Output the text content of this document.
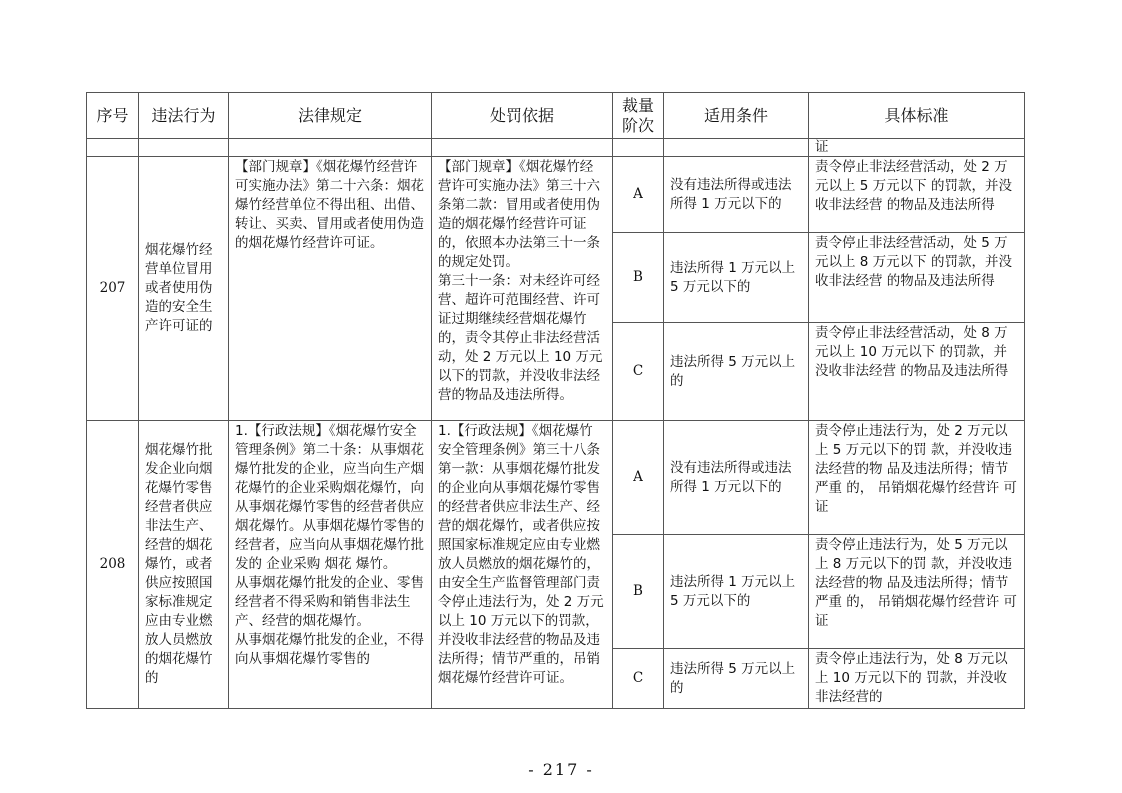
序号	违法行为	法律规定	处罚依据	裁量
阶次	适用条件	具体标准
						证
207	烟花爆竹经营单位冒用或者使用伪造的安全生产许可证的	【部门规章】《烟花爆竹经营许可实施办法》第二十六条：烟花爆竹经营单位不得出租、出借、转让、买卖、冒用或者使用伪造的烟花爆竹经营许可证。	【部门规章】《烟花爆竹经营许可实施办法》第三十六条第二款：冒用或者使用伪造的烟花爆竹经营许可证的，依照本办法第三十一条的规定处罚。
第三十一条：对未经许可经营、超许可范围经营、许可证过期继续经营烟花爆竹的，责令其停止非法经营活动，处 2 万元以上 10 万元以下的罚款，并没收非法经营的物品及违法所得。	A	没有违法所得或违法所得 1 万元以下的	责令停止非法经营活动，处 2 万元以上 5 万元以下 的罚款，并没收非法经营 的物品及违法所得
				B	违法所得 1 万元以上 5 万元以下的	责令停止非法经营活动，处 5 万元以上 8 万元以下 的罚款，并没收非法经营 的物品及违法所得
				C	违法所得 5 万元以上的	责令停止非法经营活动，处 8 万元以上 10 万元以下 的罚款，并没收非法经营 的物品及违法所得
208	烟花爆竹批发企业向烟花爆竹零售经营者供应非法生产、经营的烟花爆竹，或者供应按照国家标准规定应由专业燃放人员燃放的烟花爆竹的	1.【行政法规】《烟花爆竹安全管理条例》第二十条：从事烟花爆竹批发的企业，应当向生产烟花爆竹的企业采购烟花爆竹，向从事烟花爆竹零售的经营者供应烟花爆竹。从事烟花爆竹零售的经营者，应当向从事烟花爆竹批发的 企业采购 烟花 爆竹。
从事烟花爆竹批发的企业、零售经营者不得采购和销售非法生产、经营的烟花爆竹。
从事烟花爆竹批发的企业，不得向从事烟花爆竹零售的	1.【行政法规】《烟花爆竹安全管理条例》第三十八条第一款：从事烟花爆竹批发的企业向从事烟花爆竹零售的经营者供应非法生产、经营的烟花爆竹，或者供应按照国家标准规定应由专业燃放人员燃放的烟花爆竹的，由安全生产监督管理部门责令停止违法行为，处 2 万元以上 10 万元以下的罚款，并没收非法经营的物品及违法所得；情节严重的，吊销烟花爆竹经营许可证。	A	没有违法所得或违法所得 1 万元以下的	责令停止违法行为，处 2 万元以上 5 万元以下的罚 款，并没收违法经营的物 品及违法所得；情节严重 的， 吊销烟花爆竹经营许 可证
				B	违法所得 1 万元以上 5 万元以下的	责令停止违法行为，处 5 万元以上 8 万元以下的罚 款，并没收违法经营的物 品及违法所得；情节严重 的， 吊销烟花爆竹经营许 可证
				C	违法所得 5 万元以上的	责令停止违法行为，处 8 万元以上 10 万元以下的 罚款，并没收非法经营的
- 217 -
